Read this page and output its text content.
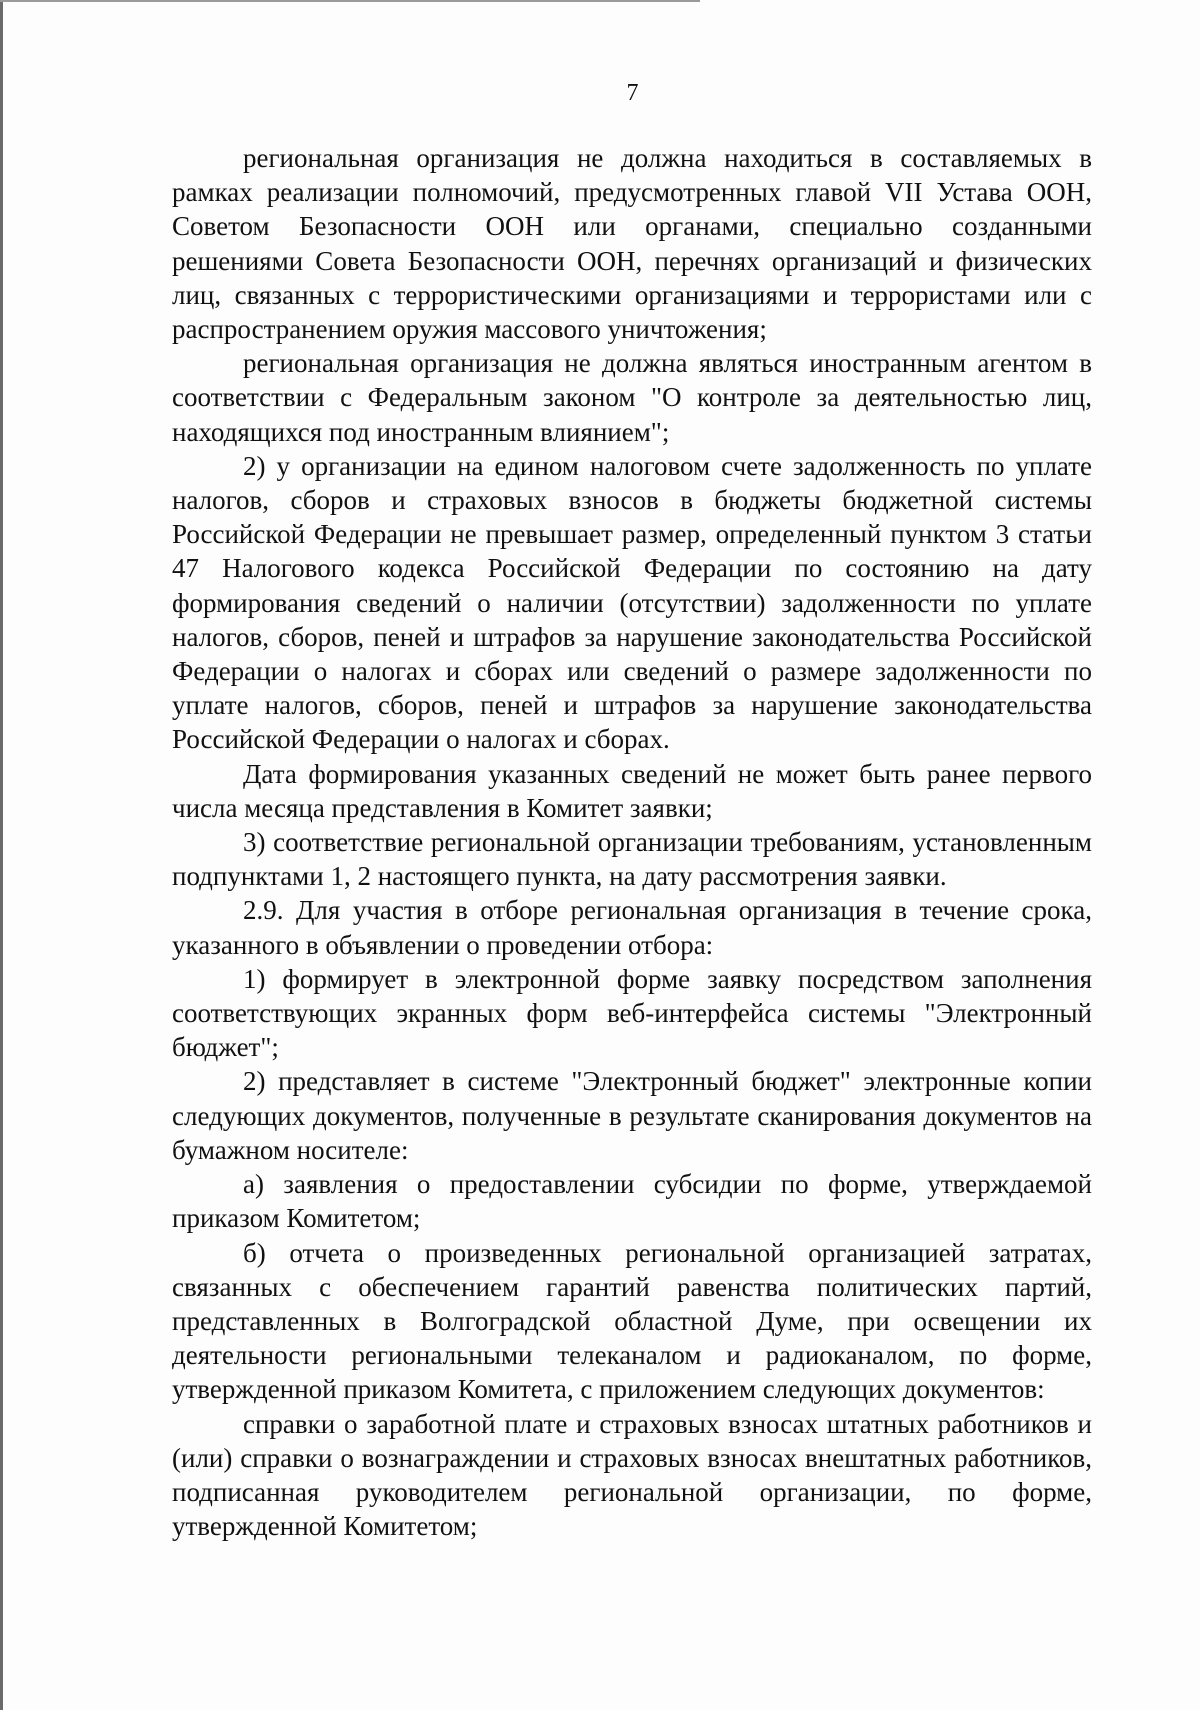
7

региональная организация не должна находиться в составляемых в рамках реализации полномочий, предусмотренных главой VII Устава ООН, Советом Безопасности ООН или органами, специально созданными решениями Совета Безопасности ООН, перечнях организаций и физических лиц, связанных с террористическими организациями и террористами или с распространением оружия массового уничтожения;

региональная организация не должна являться иностранным агентом в соответствии с Федеральным законом "О контроле за деятельностью лиц, находящихся под иностранным влиянием";

2) у организации на едином налоговом счете задолженность по уплате налогов, сборов и страховых взносов в бюджеты бюджетной системы Российской Федерации не превышает размер, определенный пунктом 3 статьи 47 Налогового кодекса Российской Федерации по состоянию на дату формирования сведений о наличии (отсутствии) задолженности по уплате налогов, сборов, пеней и штрафов за нарушение законодательства Российской Федерации о налогах и сборах или сведений о размере задолженности по уплате налогов, сборов, пеней и штрафов за нарушение законодательства Российской Федерации о налогах и сборах.

Дата формирования указанных сведений не может быть ранее первого числа месяца представления в Комитет заявки;

3) соответствие региональной организации требованиям, установленным подпунктами 1, 2 настоящего пункта, на дату рассмотрения заявки.

2.9. Для участия в отборе региональная организация в течение срока, указанного в объявлении о проведении отбора:

1) формирует в электронной форме заявку посредством заполнения соответствующих экранных форм веб-интерфейса системы "Электронный бюджет";

2) представляет в системе "Электронный бюджет" электронные копии следующих документов, полученные в результате сканирования документов на бумажном носителе:

а) заявления о предоставлении субсидии по форме, утверждаемой приказом Комитетом;

б) отчета о произведенных региональной организацией затратах, связанных с обеспечением гарантий равенства политических партий, представленных в Волгоградской областной Думе, при освещении их деятельности региональными телеканалом и радиоканалом, по форме, утвержденной приказом Комитета, с приложением следующих документов:

справки о заработной плате и страховых взносах штатных работников и (или) справки о вознаграждении и страховых взносах внештатных работников, подписанная руководителем региональной организации, по форме, утвержденной Комитетом;
